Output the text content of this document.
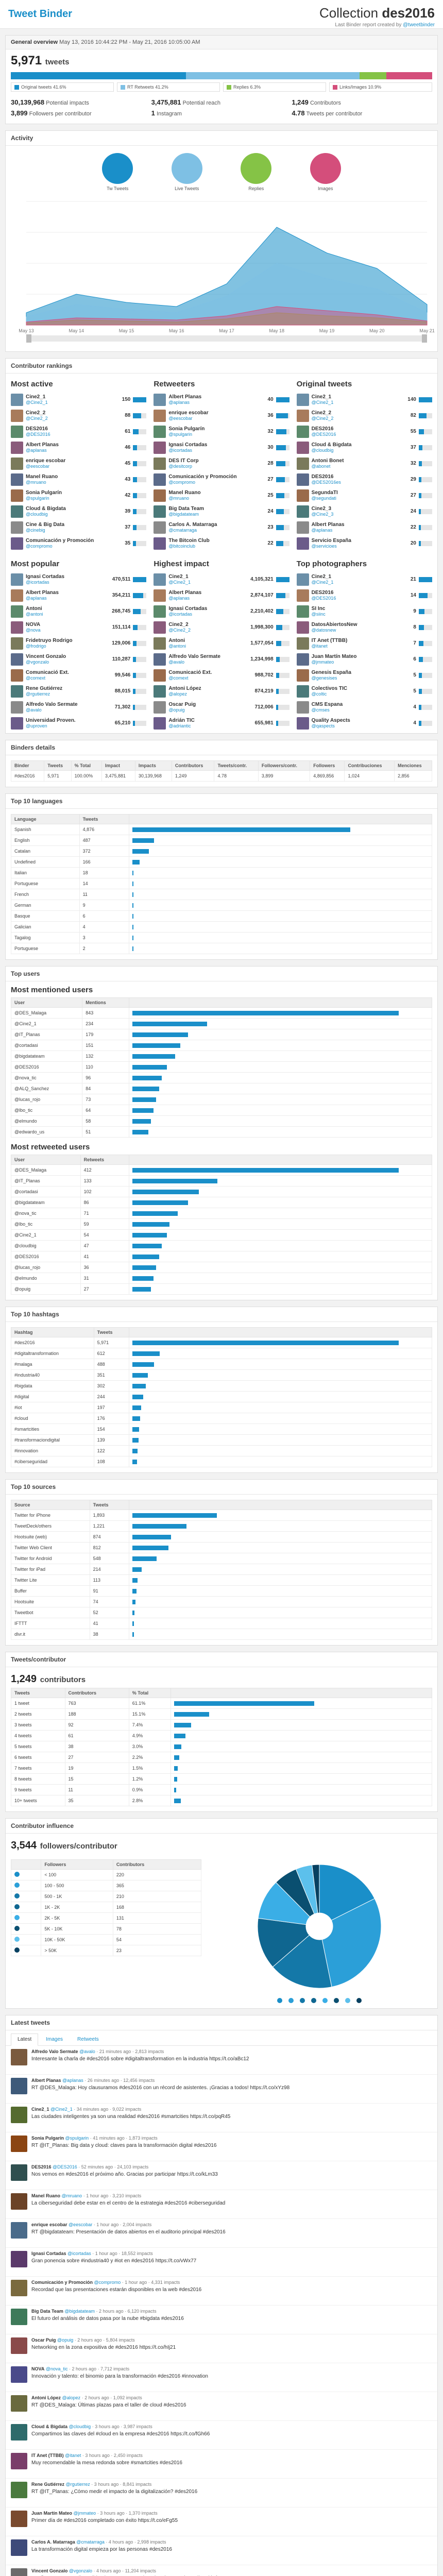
Tweet Binder	Collection des2016
Last Binder report created by @tweetbinder
General overview May 13, 2016 10:44:22 PM - May 21, 2016 10:05:00 AM
5,971 tweets
Original tweets 41.6%	RT Retweets 41.2%	Replies 6.3%	Links/Images 10.9%
30,139,968 Potential impacts
3,899 Followers per contributor
3,475,881 Potential reach
1 Instagram
1,249 Contributors
4.78 Tweets per contributor
Activity
Tw Tweets	Live Tweets	Replies	Images
May 13	May 14	May 15	May 16	May 17	May 18	May 19	May 20	May 21
Contributor rankings
Most active
Cine2_1
@Cine2_1
150
Cine2_2
@Cine2_2
88
DES2016
@DES2016
61
Albert Planas
@aplanas
46
enrique escobar
@eescobar
45
Manel Ruano
@mruano
43
Sonia Pulgarín
@spulgarin
42
Cloud & Bigdata
@cloudbig
39
Cine & Big Data
@cinebig
37
Comunicación y Promoción
@compromo
35
Retweeters
Albert Planas
@aplanas
40
enrique escobar
@eescobar
36
Sonia Pulgarín
@spulgarin
32
Ignasi Cortadas
@icortadas
30
DES IT Corp
@desitcorp
28
Comunicación y Promoción
@compromo
27
Manel Ruano
@mruano
25
Big Data Team
@bigdatateam
24
Carlos A. Matarraga
@cmatarraga
23
The Bitcoin Club
@bitcoinclub
22
Original tweets
Cine2_1
@Cine2_1
140
Cine2_2
@Cine2_2
82
DES2016
@DES2016
55
Cloud & Bigdata
@cloudbig
37
Antoni Bonet
@abonet
32
DES2016
@DES2016es
29
SegundaTI
@segundati
27
Cine2_3
@Cine2_3
24
Albert Planas
@aplanas
22
Servicio España
@servicioes
20
Most popular
Ignasi Cortadas
@icortadas
470,511
Albert Planas
@aplanas
354,211
Antoni
@antoni
268,745
NOVA
@nova
151,114
Fridetruyo Rodrigo
@frodrigo
129,006
Vincent Gonzalo
@vgonzalo
110,287
Comunicació Ext.
@comext
99,546
Rene Gutiérrez
@rgutierrez
88,015
Alfredo Valo Sermate
@avalo
71,302
Universidad Proven.
@uproven
65,210
Highest impact
Cine2_1
@Cine2_1
4,105,321
Albert Planas
@aplanas
2,874,107
Ignasi Cortadas
@icortadas
2,210,402
Cine2_2
@Cine2_2
1,998,300
Antoni
@antoni
1,577,054
Alfredo Valo Sermate
@avalo
1,234,998
Comunicació Ext.
@comext
988,702
Antoni López
@alopez
874,219
Oscar Puig
@opuig
712,006
Adrián TIC
@adriantic
655,981
Top photographers
Cine2_1
@Cine2_1
21
DES2016
@DES2016
14
SI Inc
@siinc
9
DatosAbiertosNew
@datosnew
8
IT Anet (TTBB)
@itanet
7
Juan Martín Mateo
@jmmateo
6
Genesis España
@genesises
5
Colectivos TIC
@coltic
5
CMS Espana
@cmses
4
Quality Aspects
@qaspects
4
Binders details
Binder	Tweets	% Total	Impact	Impacts	Contributors	Tweets/contr.	Followers/contr.	Followers	Contribuciones	Menciones
#des2016	5,971	100.00%	3,475,881	30,139,968	1,249	4.78	3,899	4,869,856	1,024	2,856
Top 10 languages
Language	Tweets	
Spanish	4,876	
English	487	
Catalan	372	
Undefined	166	
Italian	18	
Portuguese	14	
French	11	
German	9	
Basque	6	
Galician	4	
Tagalog	3	
Portuguese	2	
Top users
Most mentioned users
User	Mentions	
@DES_Malaga	843	
@Cine2_1	234	
@IT_Planas	179	
@cortadasi	151	
@bigdatateam	132	
@DES2016	110	
@nova_tic	96	
@ALQ_Sanchez	84	
@lucas_rojo	73	
@lbo_tic	64	
@elmundo	58	
@edwardo_us	51	
Most retweeted users
User	Retweets	
@DES_Malaga	412	
@IT_Planas	133	
@cortadasi	102	
@bigdatateam	86	
@nova_tic	71	
@lbo_tic	59	
@Cine2_1	54	
@cloudbig	47	
@DES2016	41	
@lucas_rojo	36	
@elmundo	31	
@opuig	27	
Top 10 hashtags
Hashtag	Tweets	
#des2016	5,971	
#digitaltransformation	612	
#malaga	488	
#industria40	351	
#bigdata	302	
#digital	244	
#iot	197	
#cloud	176	
#smartcities	154	
#transformaciondigital	139	
#innovation	122	
#ciberseguridad	108	
Top 10 sources
Source	Tweets	
Twitter for iPhone	1,893	
TweetDeck/others	1,221	
Hootsuite (web)	874	
Twitter Web Client	812	
Twitter for Android	548	
Twitter for iPad	214	
Twitter Lite	113	
Buffer	91	
Hootsuite	74	
Tweetbot	52	
IFTTT	41	
dlvr.it	38	
Tweets/contributor
1,249 contributors
Tweets	Contributors	% Total	
1 tweet	763	61.1%	
2 tweets	188	15.1%	
3 tweets	92	7.4%	
4 tweets	61	4.9%	
5 tweets	38	3.0%	
6 tweets	27	2.2%	
7 tweets	19	1.5%	
8 tweets	15	1.2%	
9 tweets	11	0.9%	
10+ tweets	35	2.8%	
Contributor influence
3,544 followers/contributor
	Followers	Contributors
	< 100	220
	100 - 500	365
	500 - 1K	210
	1K - 2K	168
	2K - 5K	131
	5K - 10K	78
	10K - 50K	54
	> 50K	23
Latest tweets
Latest	Images	Retweets
Alfredo Valo Sermate @avalo · 21 minutes ago · 2,813 impacts
Interesante la charla de #des2016 sobre #digitaltransformation en la industria https://t.co/aBc12
Albert Planas @aplanas · 26 minutes ago · 12,456 impacts
RT @DES_Malaga: Hoy clausuramos #des2016 con un récord de asistentes. ¡Gracias a todos! https://t.co/xYz98
Cine2_1 @Cine2_1 · 34 minutes ago · 9,022 impacts
Las ciudades inteligentes ya son una realidad #des2016 #smartcities https://t.co/pqR45
Sonia Pulgarín @spulgarin · 41 minutes ago · 1,873 impacts
RT @IT_Planas: Big data y cloud: claves para la transformación digital #des2016
DES2016 @DES2016 · 52 minutes ago · 24,103 impacts
Nos vemos en #des2016 el próximo año. Gracias por participar https://t.co/kLm33
Manel Ruano @mruano · 1 hour ago · 3,210 impacts
La ciberseguridad debe estar en el centro de la estrategia #des2016 #ciberseguridad
enrique escobar @eescobar · 1 hour ago · 2,004 impacts
RT @bigdatateam: Presentación de datos abiertos en el auditorio principal #des2016
Ignasi Cortadas @icortadas · 1 hour ago · 18,552 impacts
Gran ponencia sobre #industria40 y #iot en #des2016 https://t.co/vWx77
Comunicación y Promoción @compromo · 1 hour ago · 4,331 impacts
Recordad que las presentaciones estarán disponibles en la web #des2016
Big Data Team @bigdatateam · 2 hours ago · 6,120 impacts
El futuro del análisis de datos pasa por la nube #bigdata #des2016
Oscar Puig @opuig · 2 hours ago · 5,804 impacts
Networking en la zona expositiva de #des2016 https://t.co/hIj21
NOVA @nova_tic · 2 hours ago · 7,712 impacts
Innovación y talento: el binomio para la transformación #des2016 #innovation
Antoni López @alopez · 2 hours ago · 1,092 impacts
RT @DES_Malaga: Últimas plazas para el taller de cloud #des2016
Cloud & Bigdata @cloudbig · 3 hours ago · 3,987 impacts
Compartimos las claves del #cloud en la empresa #des2016 https://t.co/fGh66
IT Anet (TTBB) @itanet · 3 hours ago · 2,450 impacts
Muy recomendable la mesa redonda sobre #smartcities #des2016
Rene Gutiérrez @rgutierrez · 3 hours ago · 8,841 impacts
RT @IT_Planas: ¿Cómo medir el impacto de la digitalización? #des2016
Juan Martín Mateo @jmmateo · 3 hours ago · 1,370 impacts
Primer día de #des2016 completado con éxito https://t.co/eFg55
Carlos A. Matarraga @cmatarraga · 4 hours ago · 2,998 impacts
La transformación digital empieza por las personas #des2016
Vincent Gonzalo @vgonzalo · 4 hours ago · 11,204 impacts
